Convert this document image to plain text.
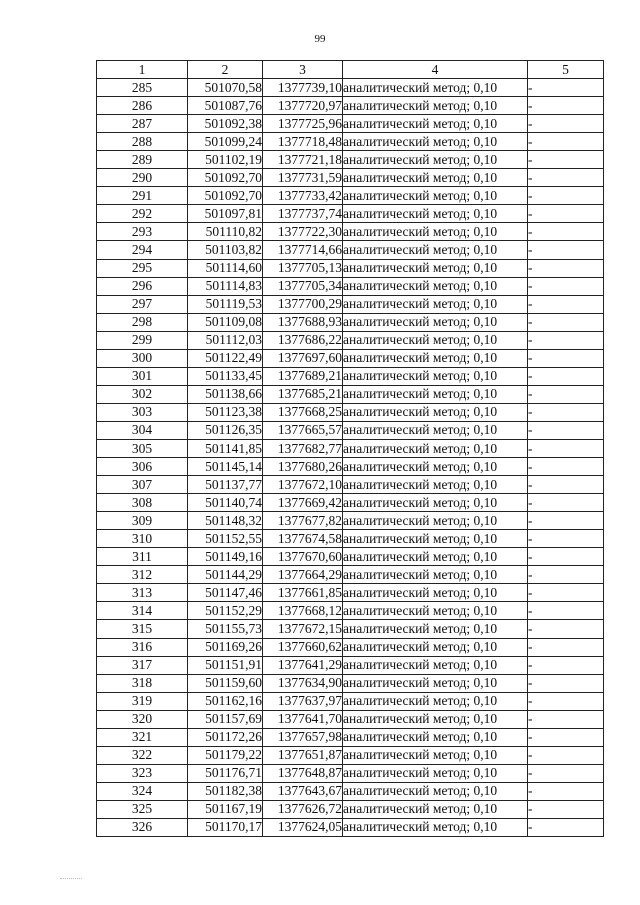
99
1	2	3	4	5
285	501070,58	1377739,10	аналитический метод; 0,10	-
286	501087,76	1377720,97	аналитический метод; 0,10	-
287	501092,38	1377725,96	аналитический метод; 0,10	-
288	501099,24	1377718,48	аналитический метод; 0,10	-
289	501102,19	1377721,18	аналитический метод; 0,10	-
290	501092,70	1377731,59	аналитический метод; 0,10	-
291	501092,70	1377733,42	аналитический метод; 0,10	-
292	501097,81	1377737,74	аналитический метод; 0,10	-
293	501110,82	1377722,30	аналитический метод; 0,10	-
294	501103,82	1377714,66	аналитический метод; 0,10	-
295	501114,60	1377705,13	аналитический метод; 0,10	-
296	501114,83	1377705,34	аналитический метод; 0,10	-
297	501119,53	1377700,29	аналитический метод; 0,10	-
298	501109,08	1377688,93	аналитический метод; 0,10	-
299	501112,03	1377686,22	аналитический метод; 0,10	-
300	501122,49	1377697,60	аналитический метод; 0,10	-
301	501133,45	1377689,21	аналитический метод; 0,10	-
302	501138,66	1377685,21	аналитический метод; 0,10	-
303	501123,38	1377668,25	аналитический метод; 0,10	-
304	501126,35	1377665,57	аналитический метод; 0,10	-
305	501141,85	1377682,77	аналитический метод; 0,10	-
306	501145,14	1377680,26	аналитический метод; 0,10	-
307	501137,77	1377672,10	аналитический метод; 0,10	-
308	501140,74	1377669,42	аналитический метод; 0,10	-
309	501148,32	1377677,82	аналитический метод; 0,10	-
310	501152,55	1377674,58	аналитический метод; 0,10	-
311	501149,16	1377670,60	аналитический метод; 0,10	-
312	501144,29	1377664,29	аналитический метод; 0,10	-
313	501147,46	1377661,85	аналитический метод; 0,10	-
314	501152,29	1377668,12	аналитический метод; 0,10	-
315	501155,73	1377672,15	аналитический метод; 0,10	-
316	501169,26	1377660,62	аналитический метод; 0,10	-
317	501151,91	1377641,29	аналитический метод; 0,10	-
318	501159,60	1377634,90	аналитический метод; 0,10	-
319	501162,16	1377637,97	аналитический метод; 0,10	-
320	501157,69	1377641,70	аналитический метод; 0,10	-
321	501172,26	1377657,98	аналитический метод; 0,10	-
322	501179,22	1377651,87	аналитический метод; 0,10	-
323	501176,71	1377648,87	аналитический метод; 0,10	-
324	501182,38	1377643,67	аналитический метод; 0,10	-
325	501167,19	1377626,72	аналитический метод; 0,10	-
326	501170,17	1377624,05	аналитический метод; 0,10	-
